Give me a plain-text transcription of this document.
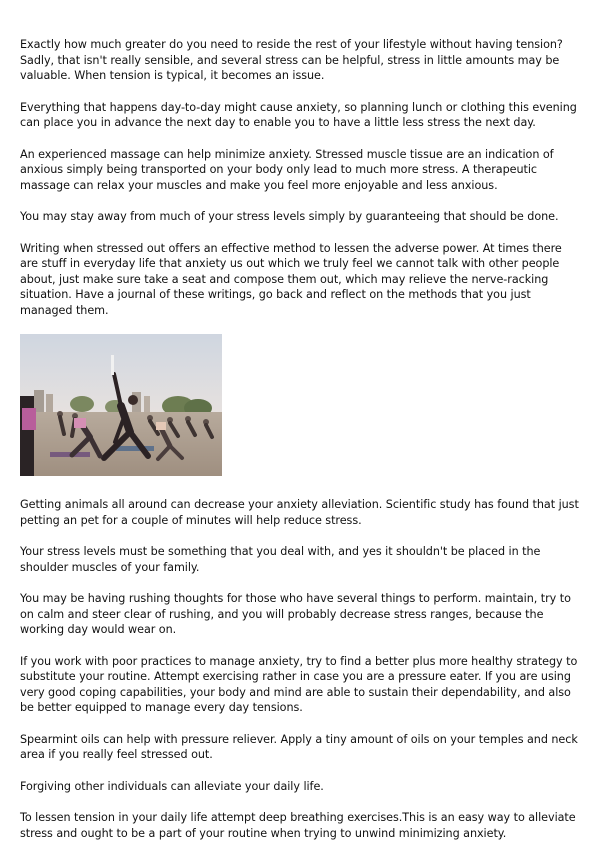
Exactly how much greater do you need to reside the rest of your lifestyle without having tension? Sadly, that isn't really sensible, and several stress can be helpful, stress in little amounts may be valuable. When tension is typical, it becomes an issue.

Everything that happens day-to-day might cause anxiety, so planning lunch or clothing this evening can place you in advance the next day to enable you to have a little less stress the next day.

An experienced massage can help minimize anxiety. Stressed muscle tissue are an indication of anxious simply being transported on your body only lead to much more stress. A therapeutic massage can relax your muscles and make you feel more enjoyable and less anxious.

You may stay away from much of your stress levels simply by guaranteeing that should be done.

Writing when stressed out offers an effective method to lessen the adverse power. At times there are stuff in everyday life that anxiety us out which we truly feel we cannot talk with other people about, just make sure take a seat and compose them out, which may relieve the nerve-racking situation. Have a journal of these writings, go back and reflect on the methods that you just managed them.

Getting animals all around can decrease your anxiety alleviation. Scientific study has found that just petting an pet for a couple of minutes will help reduce stress.

Your stress levels must be something that you deal with, and yes it shouldn't be placed in the shoulder muscles of your family.

You may be having rushing thoughts for those who have several things to perform. maintain, try to on calm and steer clear of rushing, and you will probably decrease stress ranges, because the working day would wear on.

If you work with poor practices to manage anxiety, try to find a better plus more healthy strategy to substitute your routine. Attempt exercising rather in case you are a pressure eater. If you are using very good coping capabilities, your body and mind are able to sustain their dependability, and also be better equipped to manage every day tensions.

Spearmint oils can help with pressure reliever. Apply a tiny amount of oils on your temples and neck area if you really feel stressed out.

Forgiving other individuals can alleviate your daily life.

To lessen tension in your daily life attempt deep breathing exercises.This is an easy way to alleviate stress and ought to be a part of your routine when trying to unwind minimizing anxiety.
